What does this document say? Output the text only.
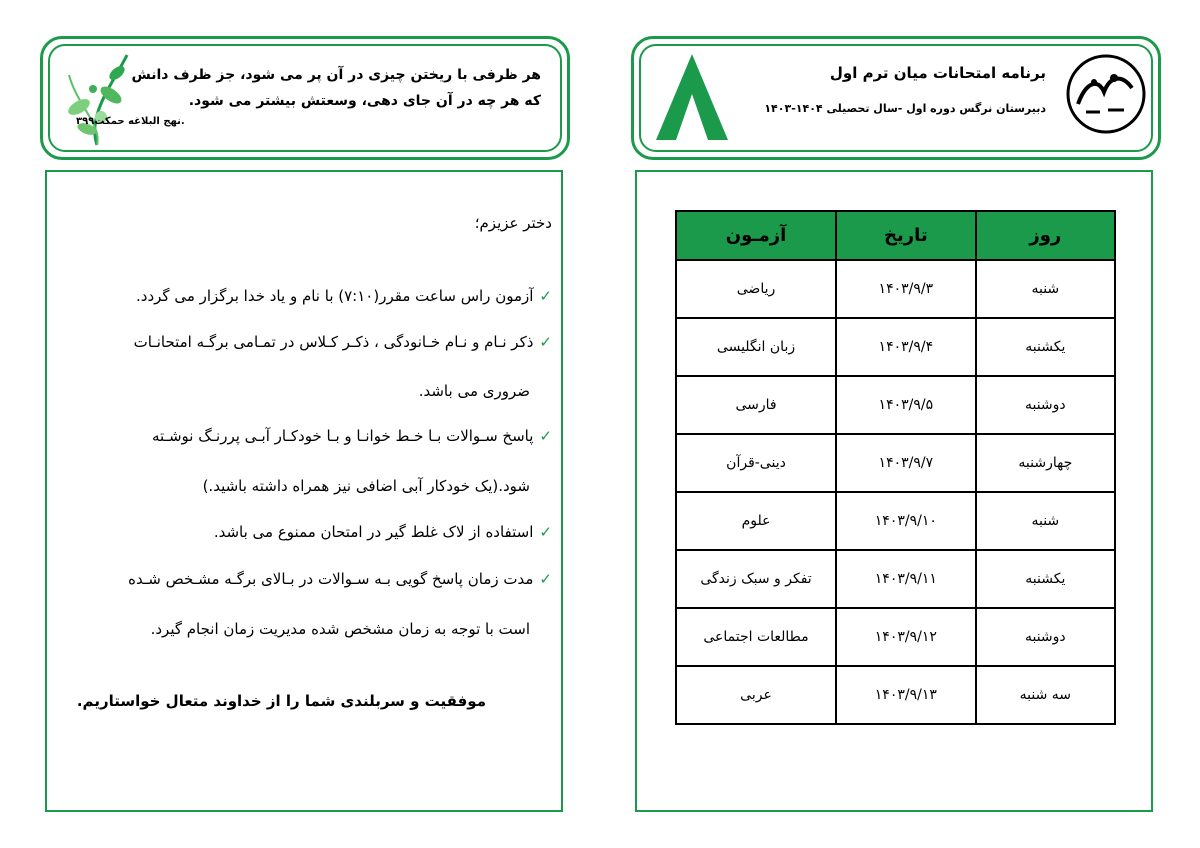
هر ظرفی با ریختن چیزی در آن پر می شود، جز ظرف دانش
که هر چه در آن جای دهی، وسعتش بیشتر می شود.
.نهج البلاغه حمکت۳۹۹
برنامه امتحانات میان ترم اول
دبیرستان نرگس دوره اول -سال تحصیلی ۱۴۰۴-۱۴۰۳
دختر عزیزم؛
✓آزمون راس ساعت مقرر(۷:۱۰) با نام و یاد خدا برگزار می گردد.
✓ذکر نـام و نـام خـانودگی ، ذکـر کـلاس در تمـامی برگـه امتحانـات
ضروری می باشد.
✓پاسخ سـوالات بـا خـط خوانـا و بـا خودکـار آبـی پررنـگ نوشـته
شود.(یک خودکار آبی اضافی نیز همراه داشته باشید.)
✓استفاده از لاک غلط گیر در امتحان ممنوع می باشد.
✓مدت زمان پاسخ گویی بـه سـوالات در بـالای برگـه مشـخص شـده
است با توجه به زمان مشخص شده مدیریت زمان انجام گیرد.
موفقیت و سربلندی شما را از خداوند متعال خواستاریم.
روز	تاریخ	آزمـون
شنبه	۱۴۰۳/۹/۳	ریاضی
یکشنبه	۱۴۰۳/۹/۴	زبان انگلیسی
دوشنبه	۱۴۰۳/۹/۵	فارسی
چهارشنبه	۱۴۰۳/۹/۷	دینی-قرآن
شنبه	۱۴۰۳/۹/۱۰	علوم
یکشنبه	۱۴۰۳/۹/۱۱	تفکر و سبک زندگی
دوشنبه	۱۴۰۳/۹/۱۲	مطالعات اجتماعی
سه شنبه	۱۴۰۳/۹/۱۳	عربی
